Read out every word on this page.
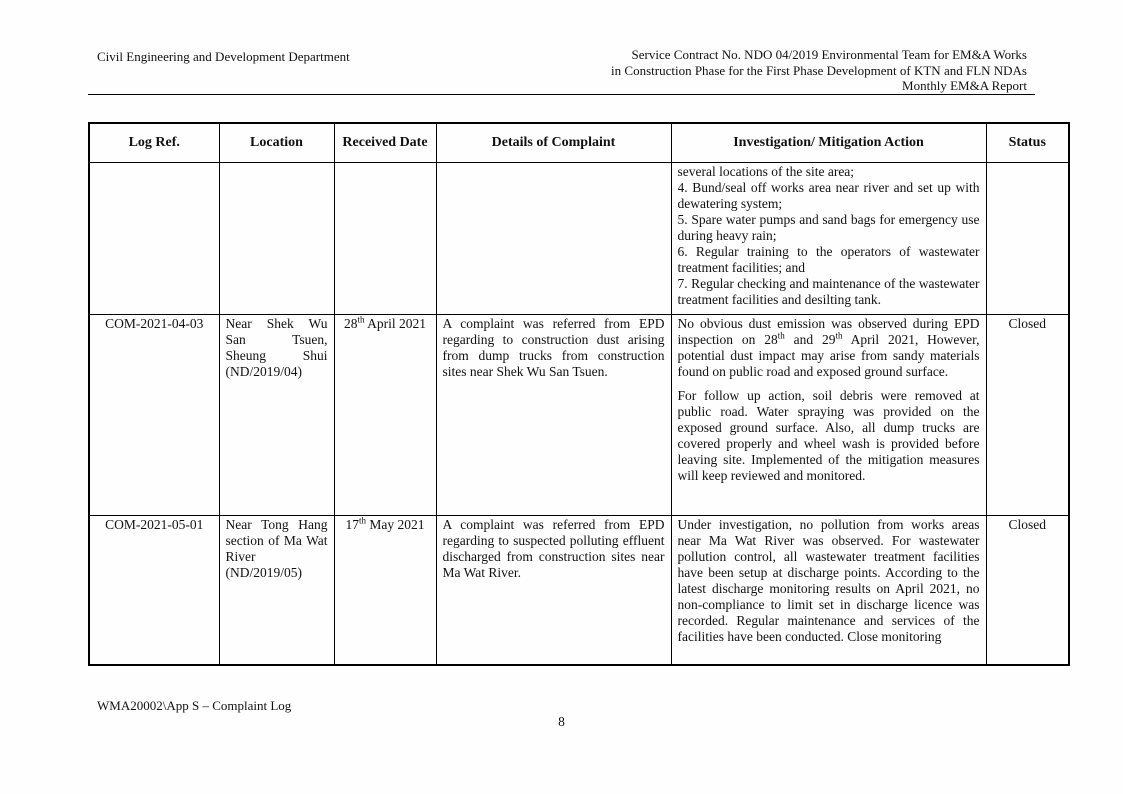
Civil Engineering and Development Department	Service Contract No. NDO 04/2019 Environmental Team for EM&A Works
in Construction Phase for the First Phase Development of KTN and FLN NDAs
Monthly EM&A Report
Log Ref.	Location	Received Date	Details of Complaint	Investigation/ Mitigation Action	Status

				several locations of the site area;

4. Bund/seal off works area near river and set up with dewatering system;

5. Spare water pumps and sand bags for emergency use during heavy rain;

6. Regular training to the operators of wastewater treatment facilities; and

7. Regular checking and maintenance of the wastewater treatment facilities and desilting tank.	

COM-2021-04-03	Near Shek Wu San Tsuen, Sheung Shui (ND/2019/04)	28th April 2021	A complaint was referred from EPD regarding to construction dust arising from dump trucks from construction sites near Shek Wu San Tsuen.	No obvious dust emission was observed during EPD inspection on 28th and 29th April 2021, However, potential dust impact may arise from sandy materials found on public road and exposed ground surface.

For follow up action, soil debris were removed at public road. Water spraying was provided on the exposed ground surface. Also, all dump trucks are covered properly and wheel wash is provided before leaving site. Implemented of the mitigation measures will keep reviewed and monitored.	Closed

COM-2021-05-01	Near Tong Hang section of Ma Wat River (ND/2019/05)	17th May 2021	A complaint was referred from EPD regarding to suspected polluting effluent discharged from construction sites near Ma Wat River.	Under investigation, no pollution from works areas near Ma Wat River was observed. For wastewater pollution control, all wastewater treatment facilities have been setup at discharge points. According to the latest discharge monitoring results on April 2021, no non-compliance to limit set in discharge licence was recorded. Regular maintenance and services of the facilities have been conducted. Close monitoring	Closed
WMA20002\App S – Complaint Log
8
